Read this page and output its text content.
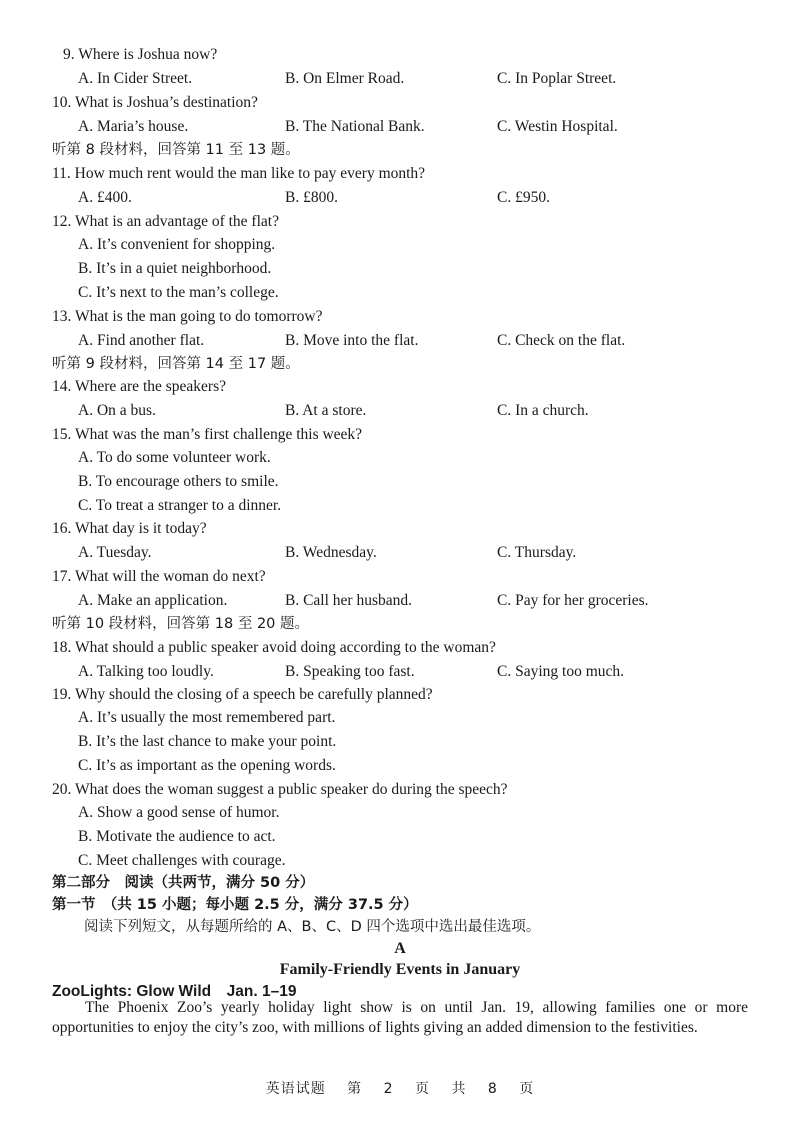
9. Where is Joshua now?
A. In Cider Street.	B. On Elmer Road.	C. In Poplar Street.
10. What is Joshua’s destination?
A. Maria’s house.	B. The National Bank.	C. Westin Hospital.
听第 8 段材料，回答第 11 至 13 题。
11. How much rent would the man like to pay every month?
A. £400.	B. £800.	C. £950.
12. What is an advantage of the flat?
A. It’s convenient for shopping.
B. It’s in a quiet neighborhood.
C. It’s next to the man’s college.
13. What is the man going to do tomorrow?
A. Find another flat.	B. Move into the flat.	C. Check on the flat.
听第 9 段材料，回答第 14 至 17 题。
14. Where are the speakers?
A. On a bus.	B. At a store.	C. In a church.
15. What was the man’s first challenge this week?
A. To do some volunteer work.
B. To encourage others to smile.
C. To treat a stranger to a dinner.
16. What day is it today?
A. Tuesday.	B. Wednesday.	C. Thursday.
17. What will the woman do next?
A. Make an application.	B. Call her husband.	C. Pay for her groceries.
听第 10 段材料，回答第 18 至 20 题。
18. What should a public speaker avoid doing according to the woman?
A. Talking too loudly.	B. Speaking too fast.	C. Saying too much.
19. Why should the closing of a speech be carefully planned?
A. It’s usually the most remembered part.
B. It’s the last chance to make your point.
C. It’s as important as the opening words.
20. What does the woman suggest a public speaker do during the speech?
A. Show a good sense of humor.
B. Motivate the audience to act.
C. Meet challenges with courage.
第二部分　阅读（共两节，满分 50 分）
第一节　（共 15 小题；每小题 2.5 分，满分 37.5 分）
阅读下列短文，从每题所给的 A、B、C、D 四个选项中选出最佳选项。
A
Family-Friendly Events in January
ZooLights: Glow Wild　Jan. 1–19
The Phoenix Zoo’s yearly holiday light show is on until Jan. 19, allowing families one or more opportunities to enjoy the city’s zoo, with millions of lights giving an added dimension to the festivities.
英语试题 第 2 页 共 8 页
